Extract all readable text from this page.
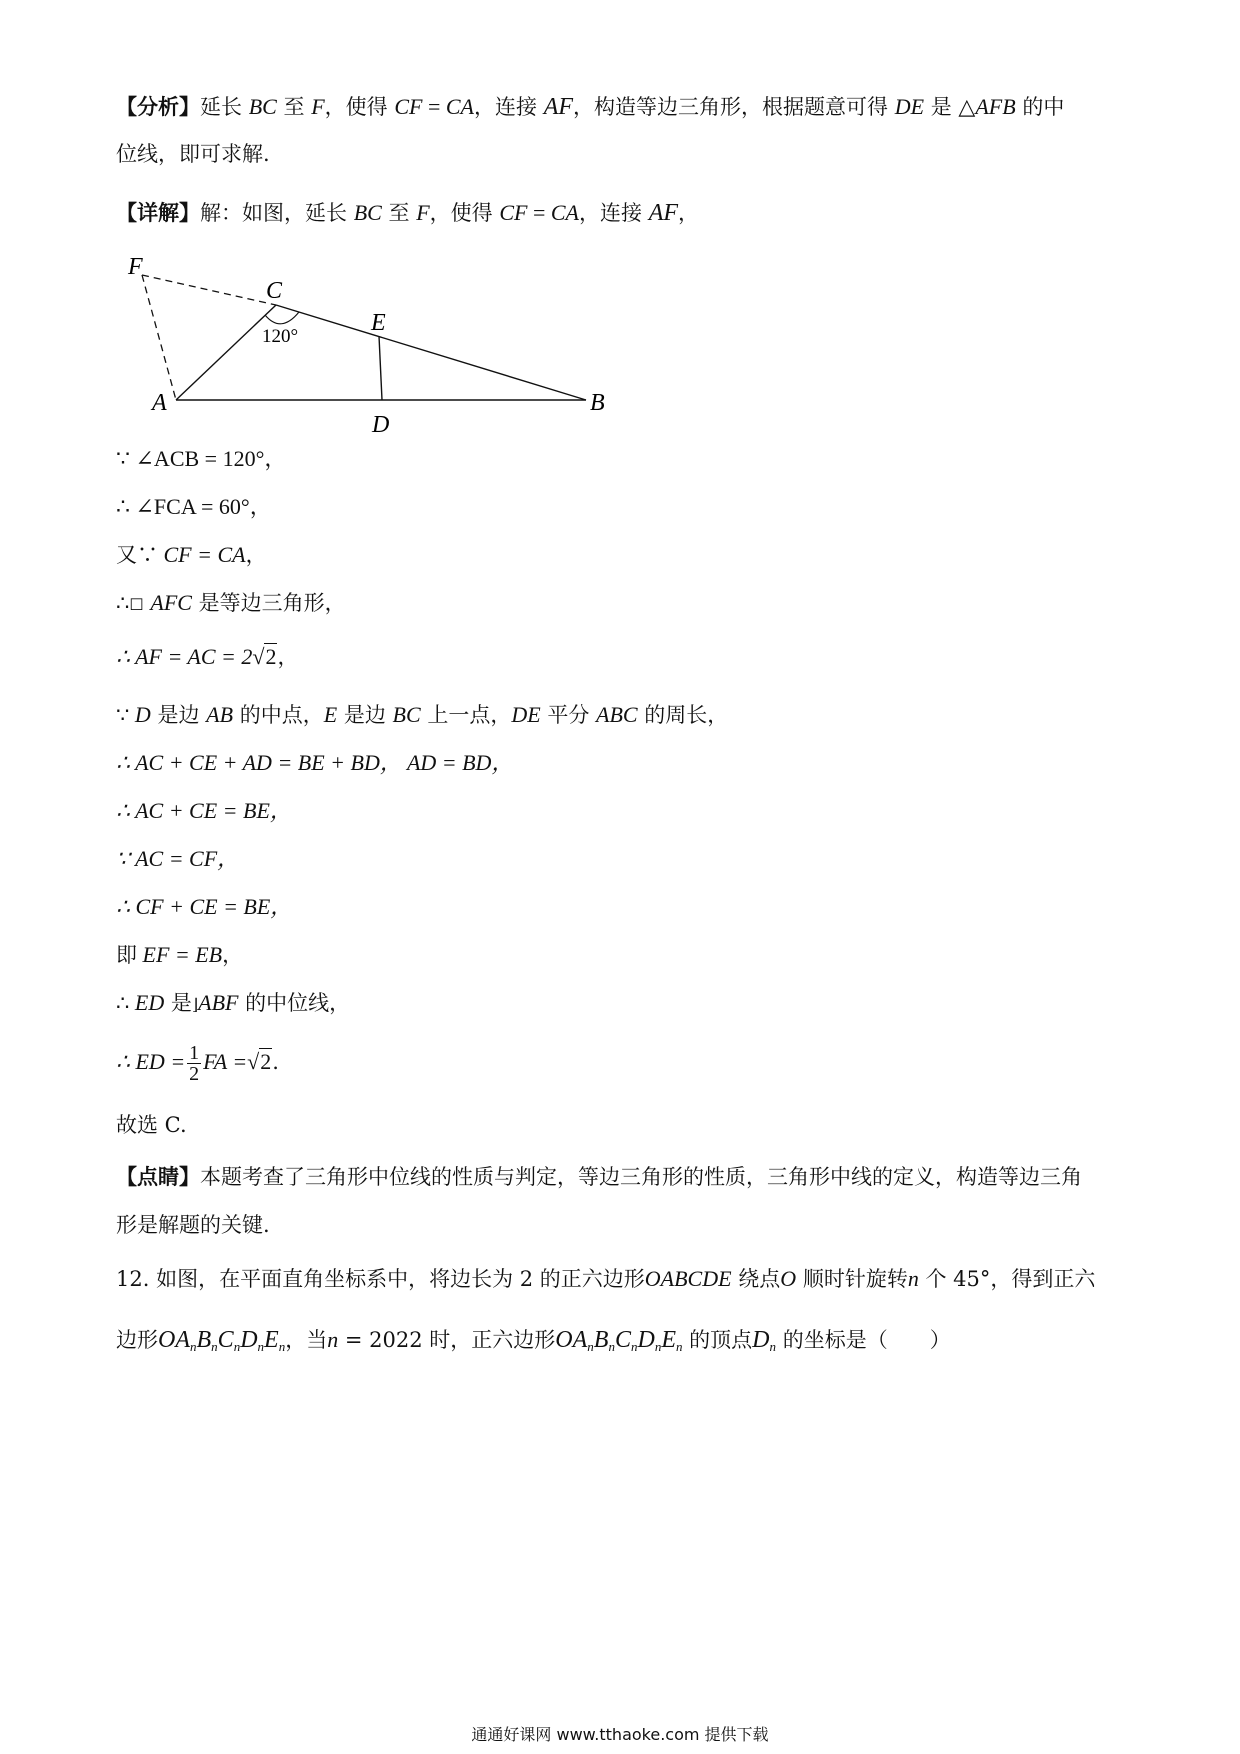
【分析】延长 BC 至 F，使得 CF = CA，连接 AF，构造等边三角形，根据题意可得 DE 是 △AFB 的中
位线，即可求解.
【详解】解：如图，延长 BC 至 F，使得 CF = CA，连接 AF，
F
C
E
A
D
B
120°
∵ ∠ACB = 120°，
∴ ∠FCA = 60°，
又∵ CF = CA，
∴☐ AFC 是等边三角形，
∴ AF = AC = 2√2，
∵ D 是边 AB 的中点，E 是边 BC 上一点，DE 平分 ABC 的周长，
∴ AC + CE + AD = BE + BD， AD = BD，
∴ AC + CE = BE，
∵ AC = CF，
∴ CF + CE = BE，
即 EF = EB，
∴ ED 是⌋ABF 的中位线，
∴ ED = $\frac{1}{2}$ FA =√2.
故选 C.
【点睛】本题考查了三角形中位线的性质与判定，等边三角形的性质，三角形中线的定义，构造等边三角
形是解题的关键.
12. 如图，在平面直角坐标系中，将边长为 2 的正六边形OABCDE 绕点O 顺时针旋转n 个 45°，得到正六
边形$OA_nB_nC_nD_nE_n$，当n = 2022 时，正六边形$OA_nB_nC_nD_nE_n$ 的顶点$D_n$ 的坐标是（　　）
通通好课网 www.tthaoke.com 提供下载
